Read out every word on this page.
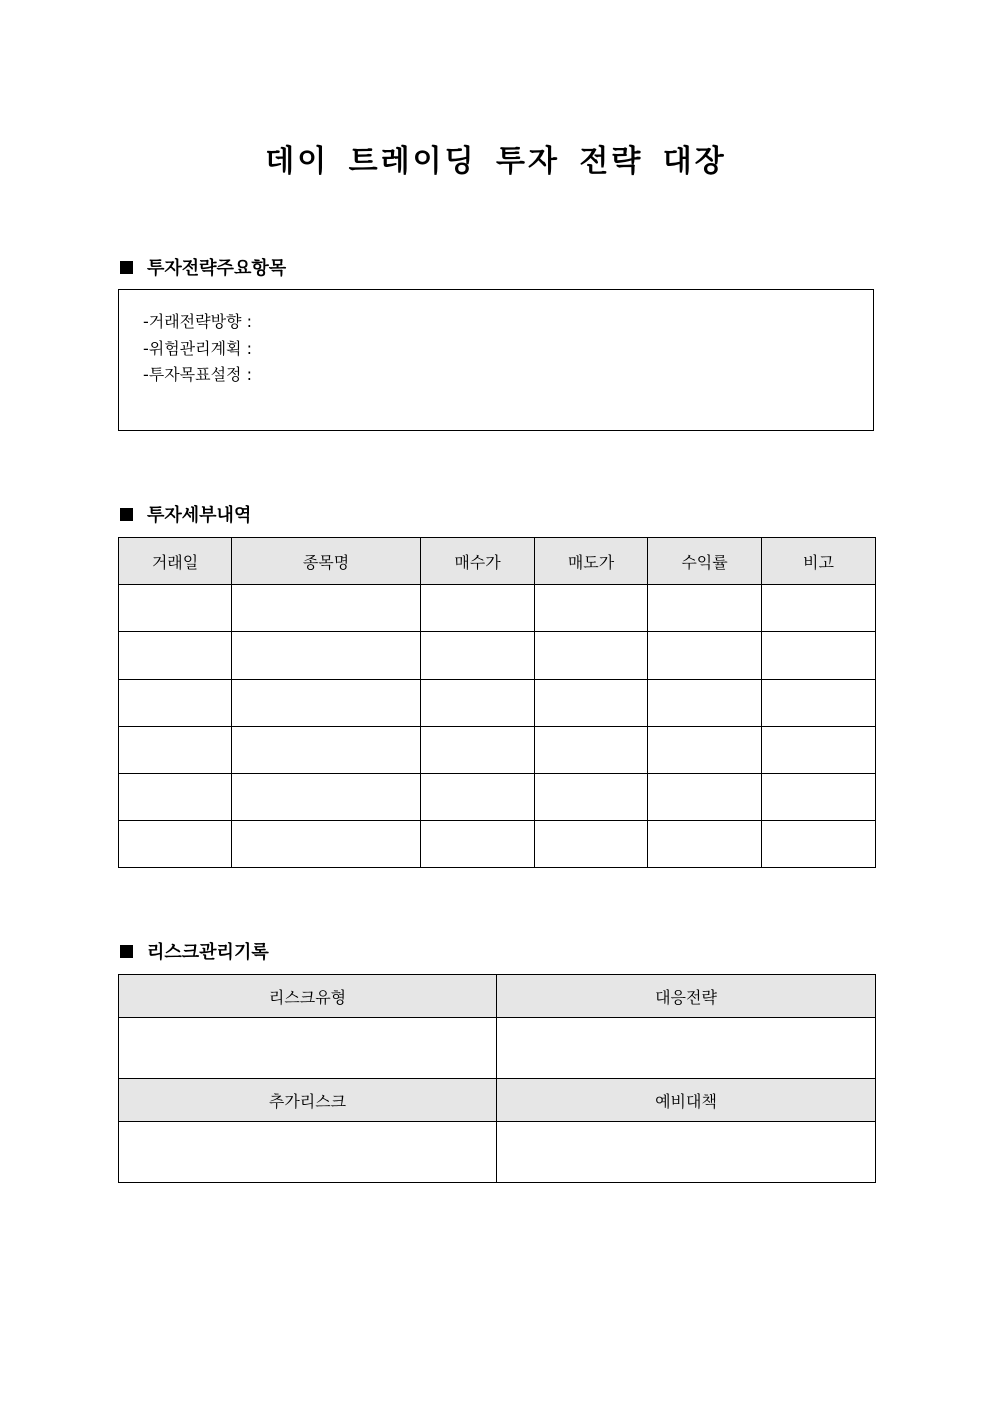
데이 트레이딩 투자 전략 대장
투자전략주요항목
-거래전략방향 :
-위험관리계획 :
-투자목표설정 :
투자세부내역
거래일	종목명	매수가	매도가	수익률	비고

리스크관리기록
리스크유형	대응전략

추가리스크	예비대책
